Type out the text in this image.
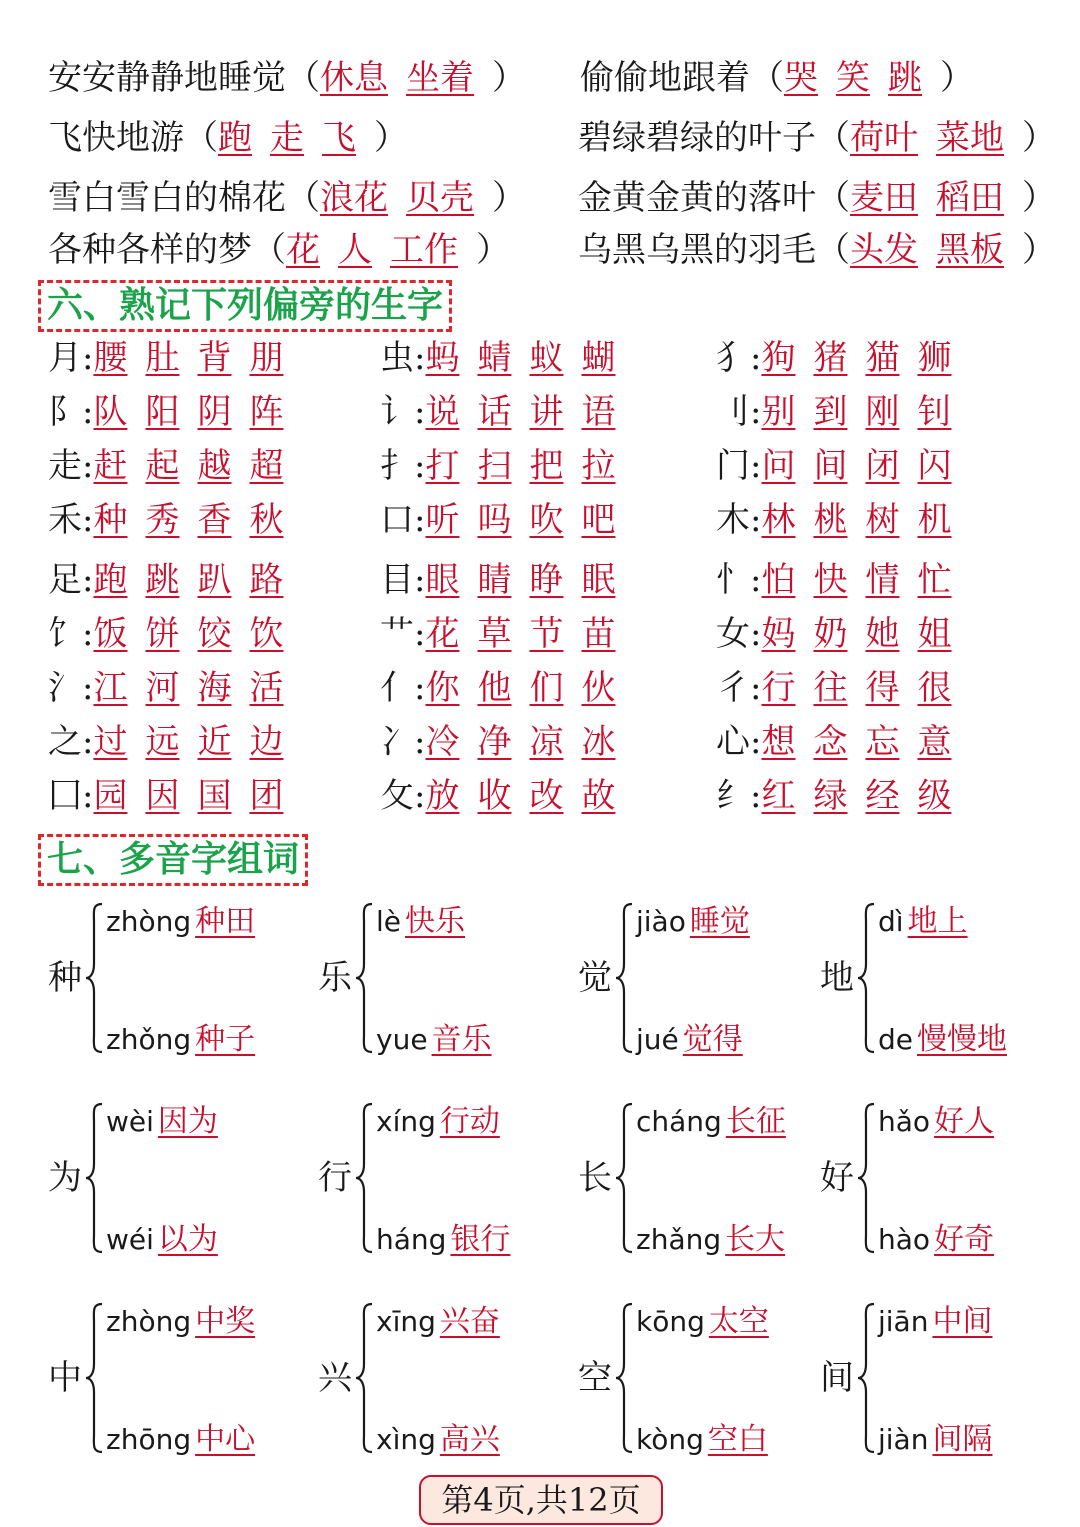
安安静静地睡觉（休息 坐着 ）
飞快地游（跑 走 飞 ）
雪白雪白的棉花（浪花 贝壳 ）
各种各样的梦（花 人 工作 ）
偷偷地跟着（哭 笑 跳 ）
碧绿碧绿的叶子（荷叶 菜地 ）
金黄金黄的落叶（麦田 稻田 ）
乌黑乌黑的羽毛（头发 黑板 ）
六、熟记下列偏旁的生字
月:腰 肚 背 朋	虫:蚂 蜻 蚁 蝴	犭:狗 猪 猫 狮
阝:队 阳 阴 阵	讠:说 话 讲 语	刂:别 到 刚 钊
走:赶 起 越 超	扌:打 扫 把 拉	门:问 间 闭 闪
禾:种 秀 香 秋	口:听 吗 吹 吧	木:林 桃 树 机
足:跑 跳 趴 路	目:眼 睛 睁 眠	忄:怕 快 情 忙
饣:饭 饼 饺 饮	艹:花 草 节 苗	女:妈 奶 她 姐
氵:江 河 海 活	亻:你 他 们 伙	彳:行 往 得 很
之:过 远 近 边	冫:冷 净 凉 冰	心:想 念 忘 意
囗:园 因 国 团	攵:放 收 改 故	纟:红 绿 经 级
七、多音字组词
种
zhòng 种田
zhǒng 种子
乐
lè 快乐
yue 音乐
觉
jiào 睡觉
jué 觉得
地
dì 地上
de 慢慢地
为
wèi 因为
wéi 以为
行
xíng 行动
háng 银行
长
cháng 长征
zhǎng 长大
好
hǎo 好人
hào 好奇
中
zhòng 中奖
zhōng 中心
兴
xīng 兴奋
xìng 高兴
空
kōng 太空
kòng 空白
间
jiān 中间
jiàn 间隔
第4页,共12页
